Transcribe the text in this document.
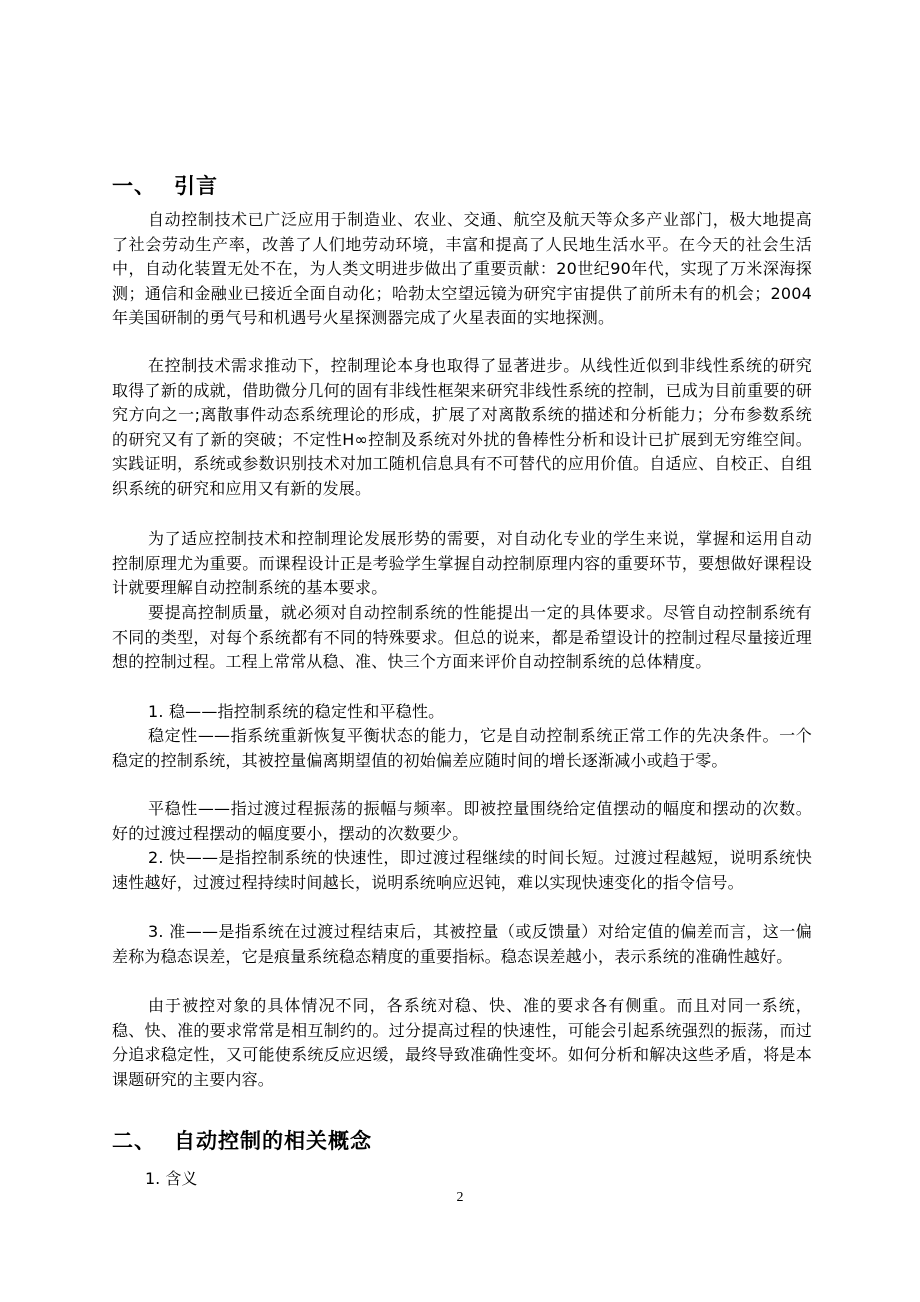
一、 引言
自动控制技术已广泛应用于制造业、农业、交通、航空及航天等众多产业部门，极大地提高了社会劳动生产率，改善了人们地劳动环境，丰富和提高了人民地生活水平。在今天的社会生活中，自动化装置无处不在，为人类文明进步做出了重要贡献：20世纪90年代，实现了万米深海探测；通信和金融业已接近全面自动化；哈勃太空望远镜为研究宇宙提供了前所未有的机会；2004年美国研制的勇气号和机遇号火星探测器完成了火星表面的实地探测。
在控制技术需求推动下，控制理论本身也取得了显著进步。从线性近似到非线性系统的研究取得了新的成就，借助微分几何的固有非线性框架来研究非线性系统的控制，已成为目前重要的研究方向之一;离散事件动态系统理论的形成，扩展了对离散系统的描述和分析能力；分布参数系统的研究又有了新的突破；不定性H∞控制及系统对外扰的鲁棒性分析和设计已扩展到无穷维空间。实践证明，系统或参数识别技术对加工随机信息具有不可替代的应用价值。自适应、自校正、自组织系统的研究和应用又有新的发展。
为了适应控制技术和控制理论发展形势的需要，对自动化专业的学生来说，掌握和运用自动控制原理尤为重要。而课程设计正是考验学生掌握自动控制原理内容的重要环节，要想做好课程设计就要理解自动控制系统的基本要求。
要提高控制质量，就必须对自动控制系统的性能提出一定的具体要求。尽管自动控制系统有不同的类型，对每个系统都有不同的特殊要求。但总的说来，都是希望设计的控制过程尽量接近理想的控制过程。工程上常常从稳、准、快三个方面来评价自动控制系统的总体精度。
1. 稳——指控制系统的稳定性和平稳性。
稳定性——指系统重新恢复平衡状态的能力，它是自动控制系统正常工作的先决条件。一个稳定的控制系统，其被控量偏离期望值的初始偏差应随时间的增长逐渐减小或趋于零。
平稳性——指过渡过程振荡的振幅与频率。即被控量围绕给定值摆动的幅度和摆动的次数。好的过渡过程摆动的幅度要小，摆动的次数要少。
2. 快——是指控制系统的快速性，即过渡过程继续的时间长短。过渡过程越短，说明系统快速性越好，过渡过程持续时间越长，说明系统响应迟钝，难以实现快速变化的指令信号。
3. 准——是指系统在过渡过程结束后，其被控量（或反馈量）对给定值的偏差而言，这一偏差称为稳态误差，它是痕量系统稳态精度的重要指标。稳态误差越小，表示系统的准确性越好。
由于被控对象的具体情况不同，各系统对稳、快、准的要求各有侧重。而且对同一系统，稳、快、准的要求常常是相互制约的。过分提高过程的快速性，可能会引起系统强烈的振荡，而过分追求稳定性，又可能使系统反应迟缓，最终导致准确性变坏。如何分析和解决这些矛盾，将是本课题研究的主要内容。
二、 自动控制的相关概念
1. 含义
2
